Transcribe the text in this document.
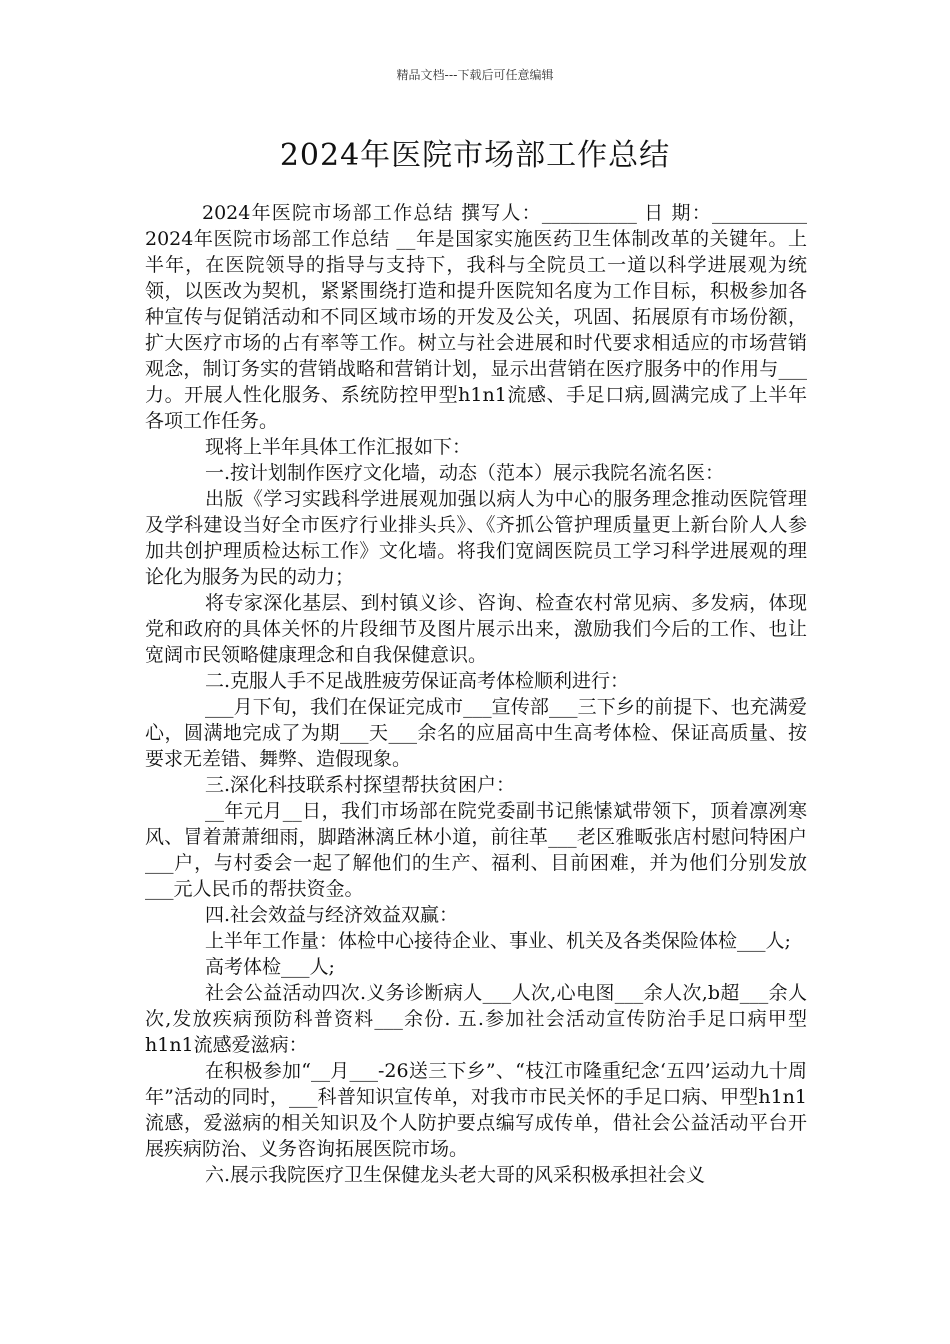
精品文档---下载后可任意编辑
2024年医院市场部工作总结

2024年医院市场部工作总结 撰写人：__________ 日 期：__________ 2024年医院市场部工作总结 __年是国家实施医药卫生体制改革的关键年。上半年，在医院领导的指导与支持下，我科与全院员工一道以科学进展观为统领，以医改为契机，紧紧围绕打造和提升医院知名度为工作目标，积极参加各种宣传与促销活动和不同区域市场的开发及公关，巩固、拓展原有市场份额，扩大医疗市场的占有率等工作。树立与社会进展和时代要求相适应的市场营销观念，制订务实的营销战略和营销计划，显示出营销在医疗服务中的作用与___力。开展人性化服务、系统防控甲型h1n1流感、手足口病,圆满完成了上半年各项工作任务。

现将上半年具体工作汇报如下：

一.按计划制作医疗文化墙，动态（范本）展示我院名流名医：

出版《学习实践科学进展观加强以病人为中心的服务理念推动医院管理及学科建设当好全市医疗行业排头兵》、《齐抓公管护理质量更上新台阶人人参加共创护理质检达标工作》文化墙。将我们宽阔医院员工学习科学进展观的理论化为服务为民的动力；

将专家深化基层、到村镇义诊、咨询、检查农村常见病、多发病，体现党和政府的具体关怀的片段细节及图片展示出来，激励我们今后的工作、也让宽阔市民领略健康理念和自我保健意识。

二.克服人手不足战胜疲劳保证高考体检顺利进行：

___月下旬，我们在保证完成市___宣传部___三下乡的前提下、也充满爱心，圆满地完成了为期___天___余名的应届高中生高考体检、保证高质量、按要求无差错、舞弊、造假现象。

三.深化科技联系村探望帮扶贫困户：

__年元月__日，我们市场部在院党委副书记熊愫斌带领下，顶着凛冽寒风、冒着萧萧细雨，脚踏淋漓丘林小道，前往革___老区雅畈张店村慰问特困户___户，与村委会一起了解他们的生产、福利、目前困难，并为他们分别发放___元人民币的帮扶资金。

四.社会效益与经济效益双赢：

上半年工作量：体检中心接待企业、事业、机关及各类保险体检___人;

高考体检___人;

社会公益活动四次.义务诊断病人___人次,心电图___余人次,b超___余人次,发放疾病预防科普资料___余份. 五.参加社会活动宣传防治手足口病甲型h1n1流感爱滋病：

在积极参加“__月___-26送三下乡”、“枝江市隆重纪念‘五四’运动九十周年”活动的同时，___科普知识宣传单，对我市市民关怀的手足口病、甲型h1n1流感，爱滋病的相关知识及个人防护要点编写成传单，借社会公益活动平台开展疾病防治、义务咨询拓展医院市场。

六.展示我院医疗卫生保健龙头老大哥的风采积极承担社会义
